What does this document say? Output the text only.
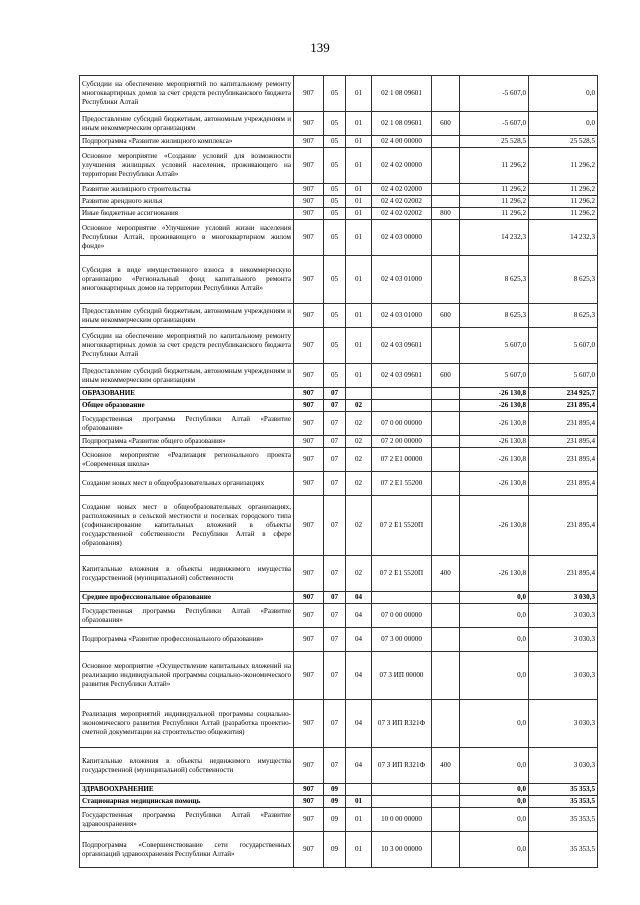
139
Субсидии на обеспечение мероприятий по капитальному ремонту многоквартирных домов за счет средств республиканского бюджета Республики Алтай	907	05	01	02 1 08 09601		-5 607,0	0,0
Предоставление субсидий бюджетным, автономным учреждениям и иным некоммерческим организациям	907	05	01	02 1 08 09601	600	-5 607,0	0,0
Подпрограмма «Развитие жилищного комплекса»	907	05	01	02 4 00 00000		25 528,5	25 528,5
Основное мероприятие «Создание условий для возможности улучшения жилищных условий населения, проживающего на территории Республики Алтай»	907	05	01	02 4 02 00000		11 296,2	11 296,2
Развитие жилищного строительства	907	05	01	02 4 02 02000		11 296,2	11 296,2
Развитие арендного жилья	907	05	01	02 4 02 02002		11 296,2	11 296,2
Иные бюджетные ассигнования	907	05	01	02 4 02 02002	800	11 296,2	11 296,2
Основное мероприятие «Улучшение условий жизни населения Республики Алтай, проживающего в многоквартирном жилом фонде»	907	05	01	02 4 03 00000		14 232,3	14 232,3
Субсидия в виде имущественного взноса в некоммерческую организацию «Региональный фонд капитального ремонта многоквартирных домов на территории Республики Алтай»	907	05	01	02 4 03 01000		8 625,3	8 625,3
Предоставление субсидий бюджетным, автономным учреждениям и иным некоммерческим организациям	907	05	01	02 4 03 01000	600	8 625,3	8 625,3
Субсидии на обеспечение мероприятий по капитальному ремонту многоквартирных домов за счет средств республиканского бюджета Республики Алтай	907	05	01	02 4 03 09601		5 607,0	5 607,0
Предоставление субсидий бюджетным, автономным учреждениям и иным некоммерческим организациям	907	05	01	02 4 03 09601	600	5 607,0	5 607,0
ОБРАЗОВАНИЕ	907	07				-26 130,8	234 925,7
Общее образование	907	07	02			-26 130,8	231 895,4
Государственная программа Республики Алтай «Развитие образования»	907	07	02	07 0 00 00000		-26 130,8	231 895,4
Подпрограмма «Развитие общего образования»	907	07	02	07 2 00 00000		-26 130,8	231 895,4
Основное мероприятие «Реализация регионального проекта «Современная школа»	907	07	02	07 2 E1 00000		-26 130,8	231 895,4
Создание новых мест в общеобразовательных организациях	907	07	02	07 2 E1 55200		-26 130,8	231 895,4
Создание новых мест в общеобразовательных организациях, расположенных в сельской местности и поселках городского типа (софинансирование капитальных вложений в объекты государственной собственности Республики Алтай в сфере образования)	907	07	02	07 2 E1 5520П		-26 130,8	231 895,4
Капитальные вложения в объекты недвижимого имущества государственной (муниципальной) собственности	907	07	02	07 2 E1 5520П	400	-26 130,8	231 895,4
Среднее профессиональное образование	907	07	04			0,0	3 030,3
Государственная программа Республики Алтай «Развитие образования»	907	07	04	07 0 00 00000		0,0	3 030,3
Подпрограмма «Развитие профессионального образования»	907	07	04	07 3 00 00000		0,0	3 030,3
Основное мероприятие «Осуществление капитальных вложений на реализацию индивидуальной программы социально-экономического развития Республики Алтай»	907	07	04	07 3 ИП 00000		0,0	3 030,3
Реализация мероприятий индивидуальной программы социально-экономического развития Республики Алтай (разработка проектно-сметной документации на строительство общежития)	907	07	04	07 3 ИП R321Ф		0,0	3 030,3
Капитальные вложения в объекты недвижимого имущества государственной (муниципальной) собственности	907	07	04	07 3 ИП R321Ф	400	0,0	3 030,3
ЗДРАВООХРАНЕНИЕ	907	09				0,0	35 353,5
Стационарная медицинская помощь	907	09	01			0,0	35 353,5
Государственная программа Республики Алтай «Развитие здравоохранения»	907	09	01	10 0 00 00000		0,0	35 353,5
Подпрограмма «Совершенствование сети государственных организаций здравоохранения Республики Алтай»	907	09	01	10 3 00 00000		0,0	35 353,5
